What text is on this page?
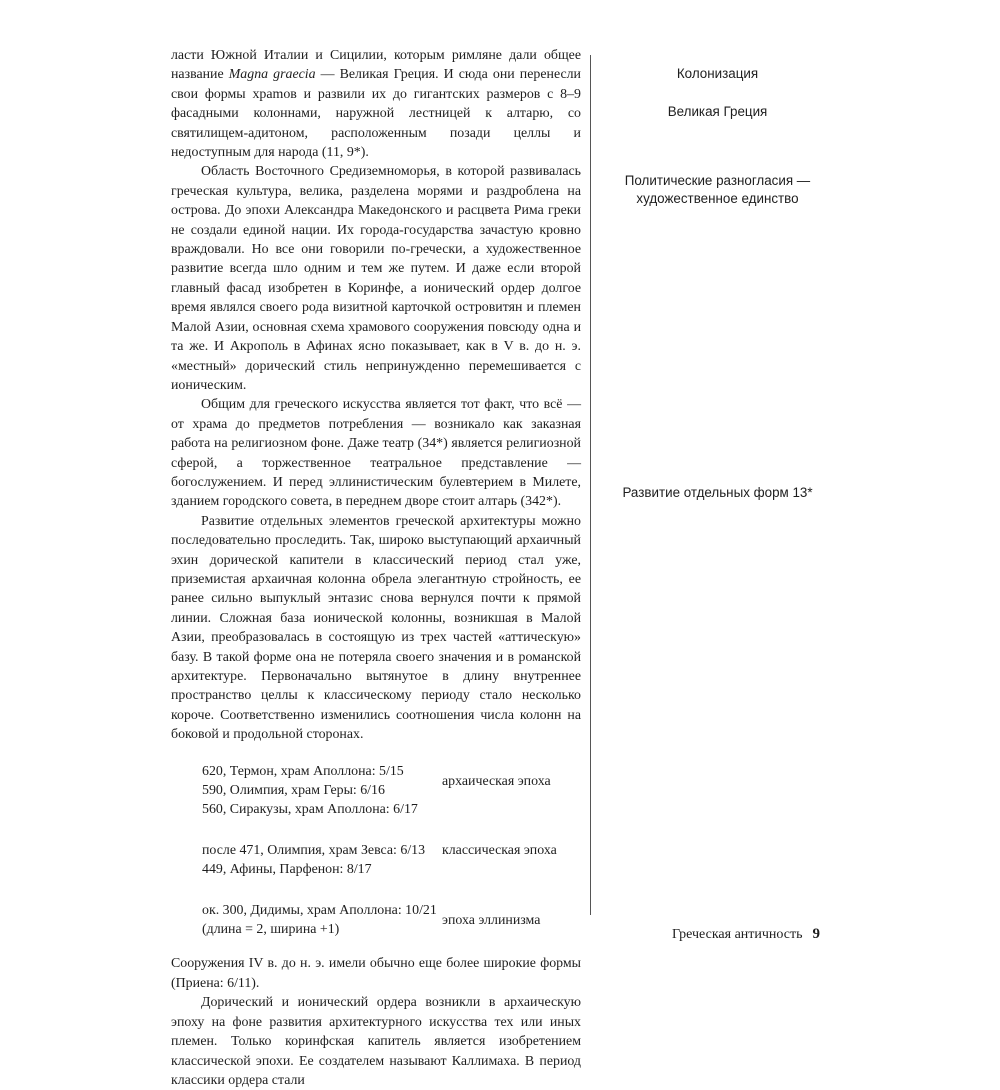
ласти Южной Италии и Сицилии, которым римляне дали общее название Magna graecia — Великая Греция. И сюда они перенесли свои формы храmов и развили их до гигантских размеров с 8–9 фасадными колоннами, наружной лестницей к алтарю, со святилищем-адитоном, расположенным позади целлы и недоступным для народа (11, 9*).

Область Восточного Средиземноморья, в которой развивалась греческая культура, велика, разделена морями и раздроблена на острова. До эпохи Александра Македонского и расцвета Рима греки не создали единой нации. Их города-государства зачастую кровно враждовали. Но все они говорили по-гречески, а художественное развитие всегда шло одним и тем же путем. И даже если второй главный фасад изобретен в Коринфе, а ионический ордер долгое время являлся своего рода визитной карточкой островитян и племен Малой Азии, основная схема храмового сооружения повсюду одна и та же. И Акрополь в Афинах ясно показывает, как в V в. до н. э. «местный» дорический стиль непринужденно перемешивается с ионическим.

Общим для греческого искусства является тот факт, что всё — от храма до предметов потребления — возникало как заказная работа на религиозном фоне. Даже театр (34*) является религиозной сферой, а торжественное театральное представление — богослужением. И перед эллинистическим булевтерием в Милете, зданием городского совета, в переднем дворе стоит алтарь (342*).

Развитие отдельных элементов греческой архитектуры можно последовательно проследить. Так, широко выступающий архаичный эхин дорической капители в классический период стал уже, приземистая архаичная колонна обрела элегантную стройность, ее ранее сильно выпуклый энтазис снова вернулся почти к прямой линии. Сложная база ионической колонны, возникшая в Малой Азии, преобразовалась в состоящую из трех частей «аттическую» базу. В такой форме она не потеряла своего значения и в романской архитектуре. Первоначально вытянутое в длину внутреннее пространство целлы к классическому периоду стало несколько короче. Соответственно изменились соотношения числа колонн на боковой и продольной сторонах.

620, Термон, храм Аполлона: 5/15
590, Олимпия, храм Геры: 6/16
560, Сиракузы, храм Аполлона: 6/17
архаическая эпоха
после 471, Олимпия, храм Зевса: 6/13
449, Афины, Парфенон: 8/17
классическая эпоха
ок. 300, Дидимы, храм Аполлона: 10/21
(длина = 2, ширина +1)
эпоха эллинизма

Сооружения IV в. до н. э. имели обычно еще более широкие формы (Приена: 6/11).

Дорический и ионический ордера возникли в архаическую эпоху на фоне развития архитектурного искусства тех или иных племен. Только коринфская капитель является изобретением классической эпохи. Ее создателем называют Каллимаха. В период классики ордера стали

Колонизация
Великая Греция
Политические разногласия —
художественное единство
Развитие отдельных форм 13*
Греческая античность 9
